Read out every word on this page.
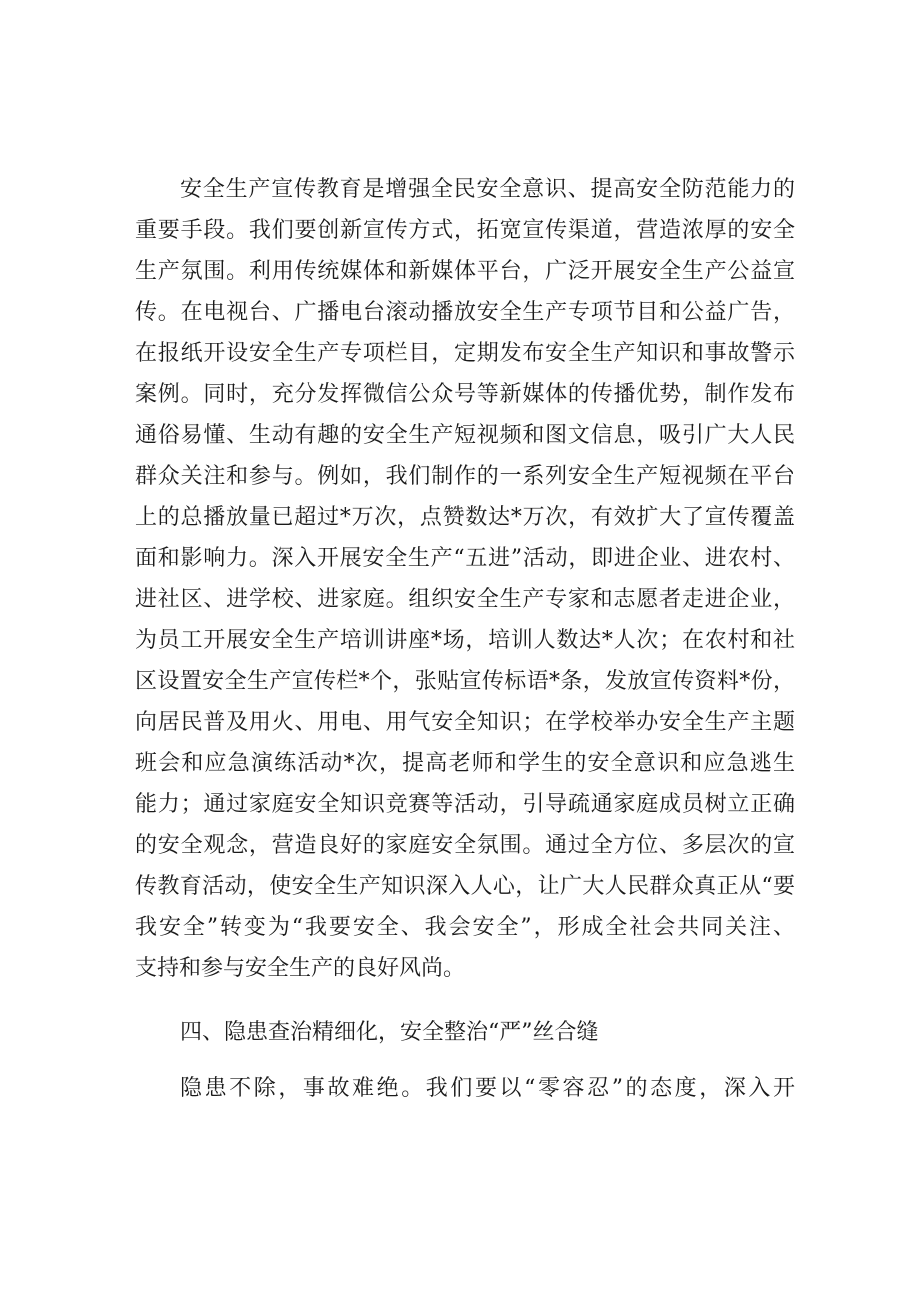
安全生产宣传教育是增强全民安全意识、提高安全防范能力的
重要手段。我们要创新宣传方式，拓宽宣传渠道，营造浓厚的安全
生产氛围。利用传统媒体和新媒体平台，广泛开展安全生产公益宣
传。在电视台、广播电台滚动播放安全生产专项节目和公益广告，
在报纸开设安全生产专项栏目，定期发布安全生产知识和事故警示
案例。同时，充分发挥微信公众号等新媒体的传播优势，制作发布
通俗易懂、生动有趣的安全生产短视频和图文信息，吸引广大人民
群众关注和参与。例如，我们制作的一系列安全生产短视频在平台
上的总播放量已超过*万次，点赞数达*万次，有效扩大了宣传覆盖
面和影响力。深入开展安全生产“五进”活动，即进企业、进农村、
进社区、进学校、进家庭。组织安全生产专家和志愿者走进企业，
为员工开展安全生产培训讲座*场，培训人数达*人次；在农村和社
区设置安全生产宣传栏*个，张贴宣传标语*条，发放宣传资料*份，
向居民普及用火、用电、用气安全知识；在学校举办安全生产主题
班会和应急演练活动*次，提高老师和学生的安全意识和应急逃生
能力；通过家庭安全知识竞赛等活动，引导疏通家庭成员树立正确
的安全观念，营造良好的家庭安全氛围。通过全方位、多层次的宣
传教育活动，使安全生产知识深入人心，让广大人民群众真正从“要
我安全”转变为“我要安全、我会安全”，形成全社会共同关注、
支持和参与安全生产的良好风尚。
四、隐患查治精细化，安全整治“严”丝合缝
隐患不除，事故难绝。我们要以“零容忍”的态度，深入开
